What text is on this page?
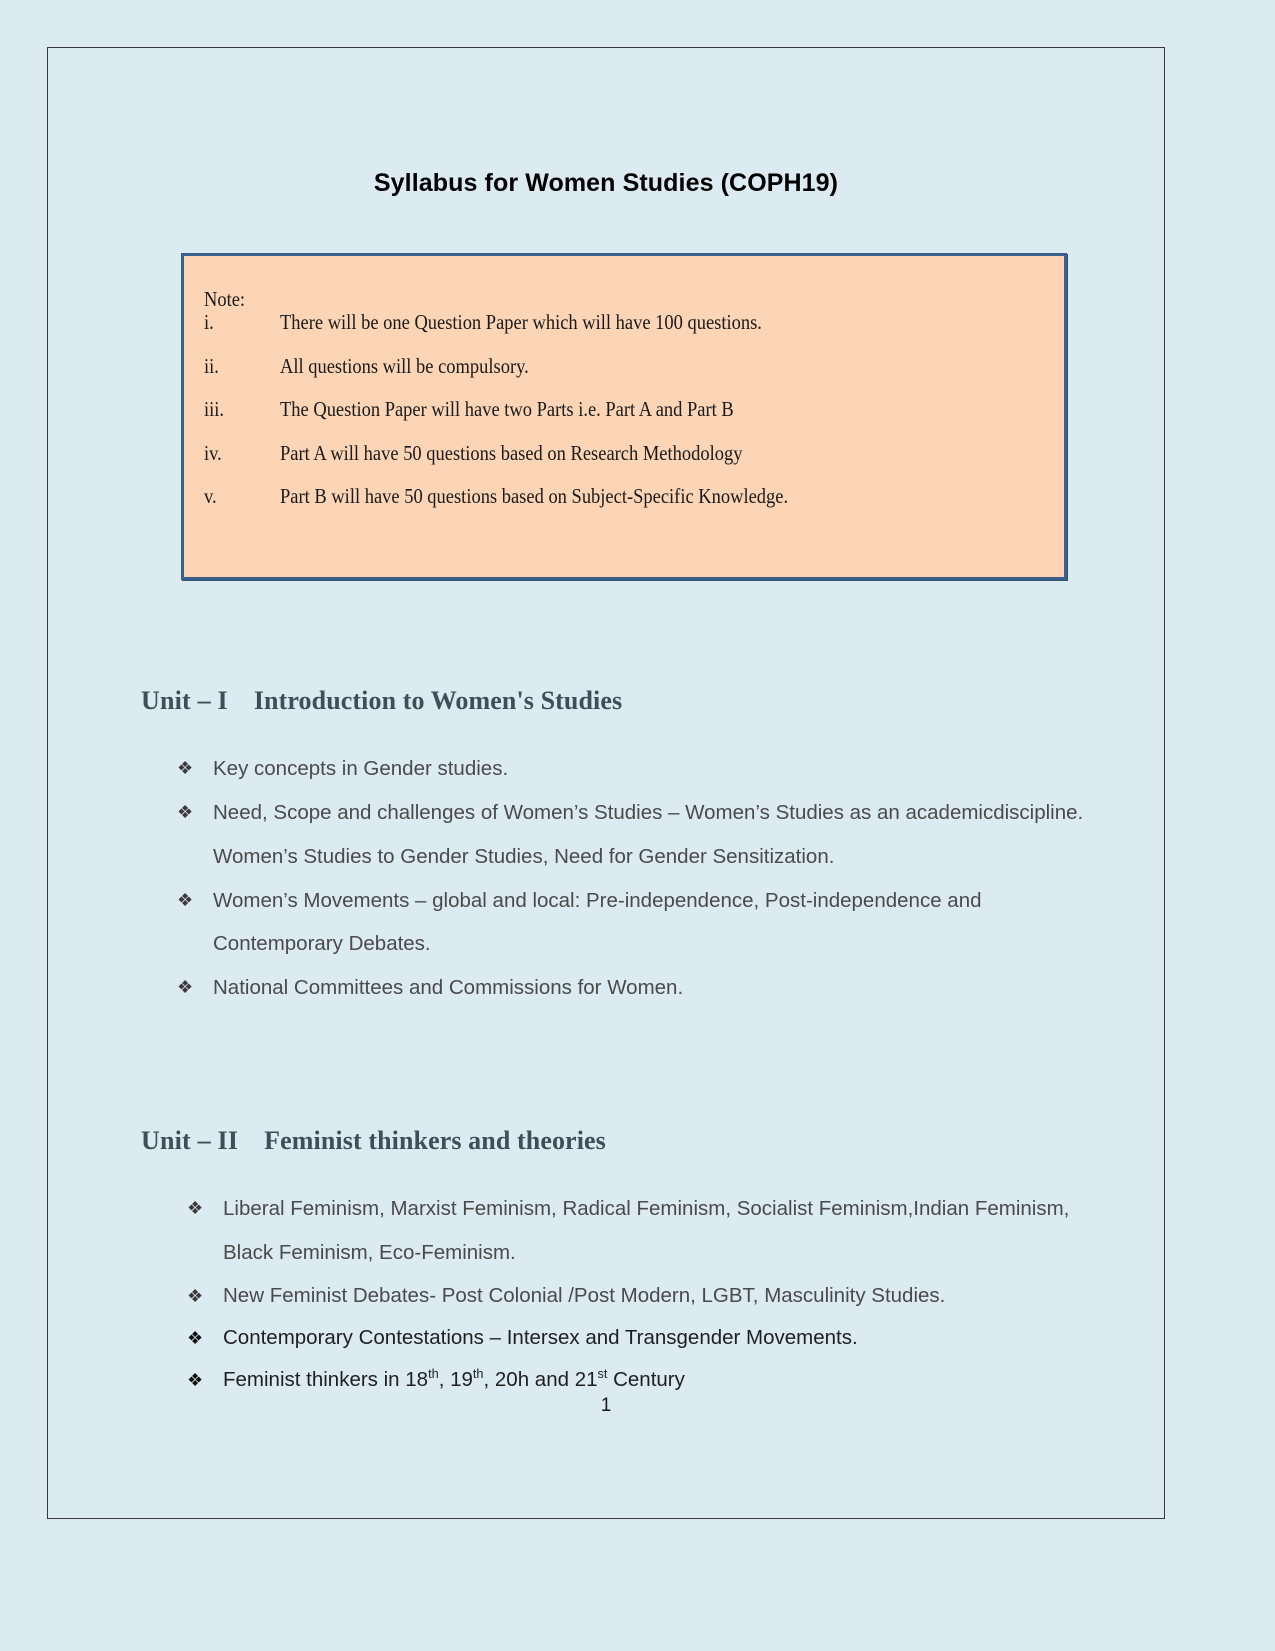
Syllabus for Women Studies (COPH19)
Note:
i.	There will be one Question Paper which will have 100 questions.
ii.	All questions will be compulsory.
iii.	The Question Paper will have two Parts i.e. Part A and Part B
iv.	Part A will have 50 questions based on Research Methodology
v.	Part B will have 50 questions based on Subject-Specific Knowledge.
Unit – I Introduction to Women's Studies
❖ Key concepts in Gender studies.
❖ Need, Scope and challenges of Women’s Studies – Women’s Studies as an academicdiscipline. Women’s Studies to Gender Studies, Need for Gender Sensitization.
❖ Women’s Movements – global and local: Pre-independence, Post-independence and Contemporary Debates.
❖ National Committees and Commissions for Women.
Unit – II Feminist thinkers and theories
❖ Liberal Feminism, Marxist Feminism, Radical Feminism, Socialist Feminism,Indian Feminism, Black Feminism, Eco-Feminism.
❖ New Feminist Debates- Post Colonial /Post Modern, LGBT, Masculinity Studies.
❖ Contemporary Contestations – Intersex and Transgender Movements.
❖ Feminist thinkers in 18th, 19th, 20h and 21st Century
1
